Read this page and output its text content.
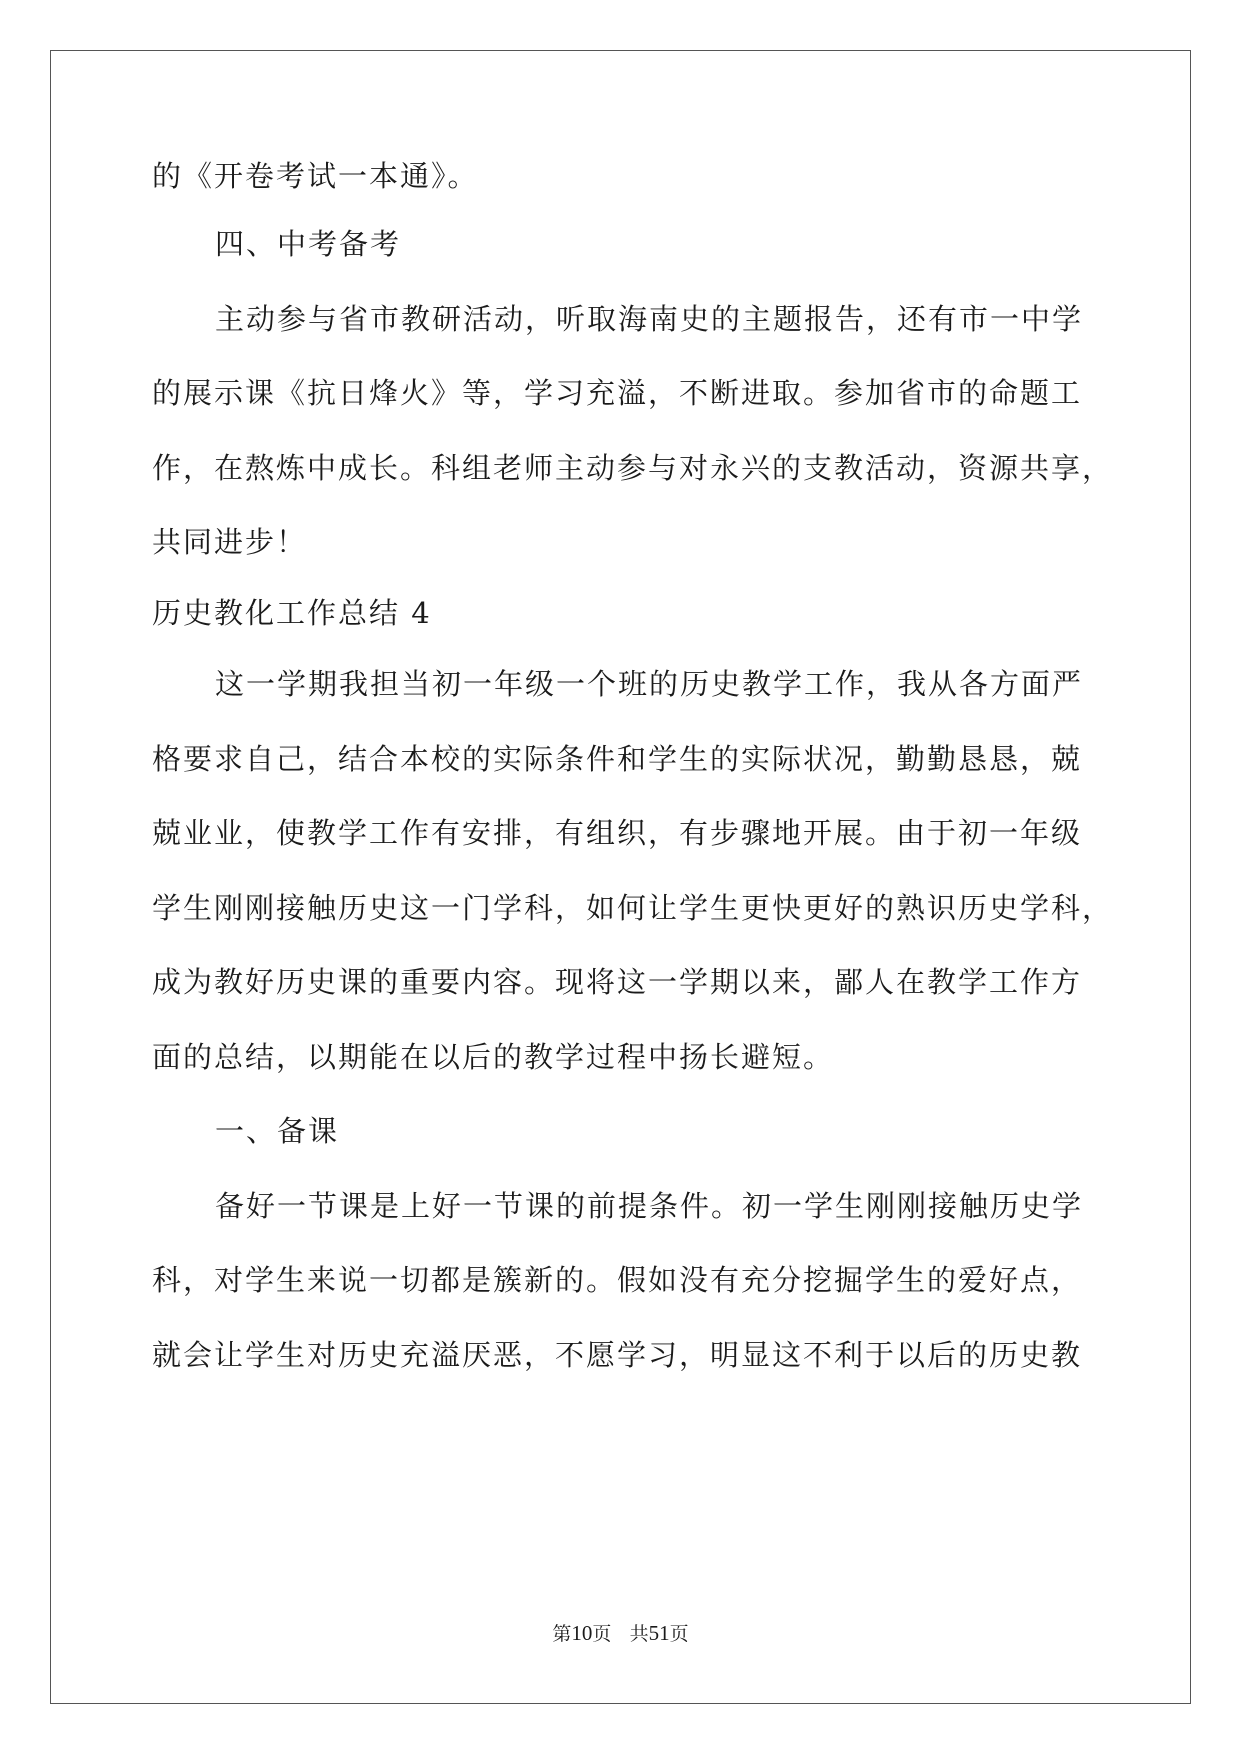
的《开卷考试一本通》。
四、中考备考
主动参与省市教研活动，听取海南史的主题报告，还有市一中学
的展示课《抗日烽火》等，学习充溢，不断进取。参加省市的命题工
作，在熬炼中成长。科组老师主动参与对永兴的支教活动，资源共享，
共同进步！
历史教化工作总结 4
这一学期我担当初一年级一个班的历史教学工作，我从各方面严
格要求自己，结合本校的实际条件和学生的实际状况，勤勤恳恳，兢
兢业业，使教学工作有安排，有组织，有步骤地开展。由于初一年级
学生刚刚接触历史这一门学科，如何让学生更快更好的熟识历史学科，
成为教好历史课的重要内容。现将这一学期以来，鄙人在教学工作方
面的总结，以期能在以后的教学过程中扬长避短。
一、备课
备好一节课是上好一节课的前提条件。初一学生刚刚接触历史学
科，对学生来说一切都是簇新的。假如没有充分挖掘学生的爱好点，
就会让学生对历史充溢厌恶，不愿学习，明显这不利于以后的历史教
第10页 共51页
